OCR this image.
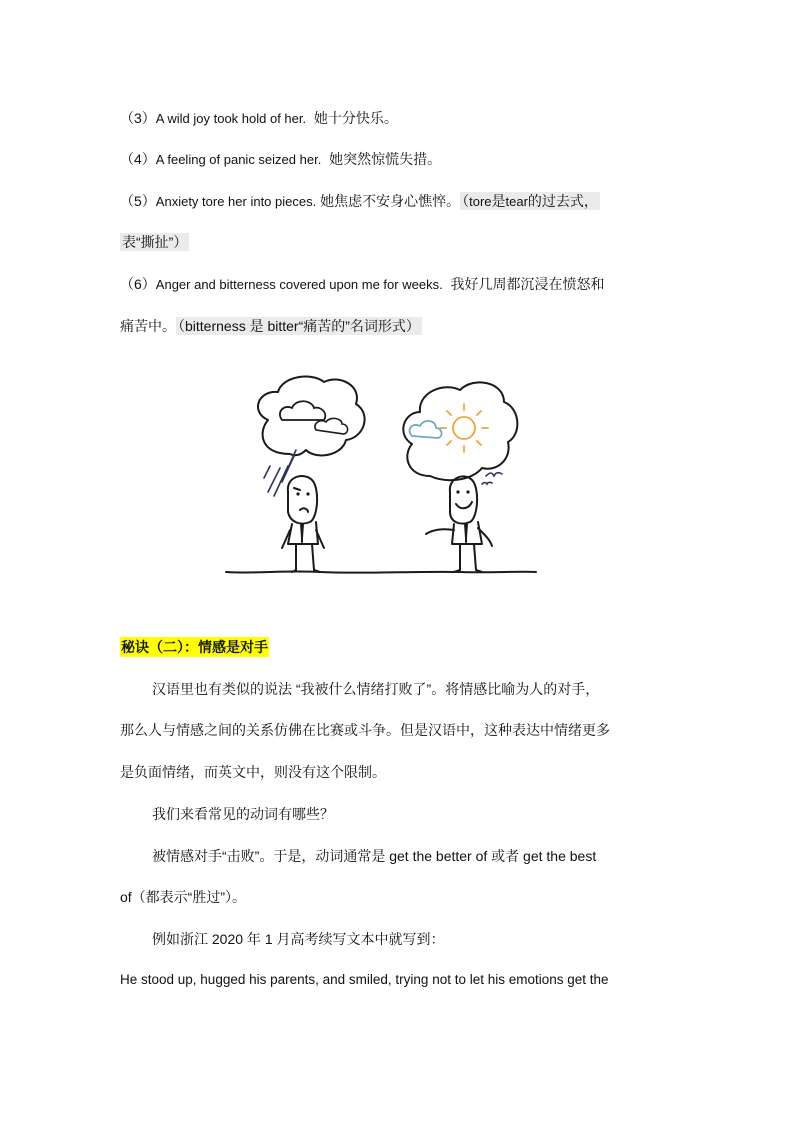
（3）A wild joy took hold of her. 她十分快乐。
（4）A feeling of panic seized her. 她突然惊慌失措。
（5）Anxiety tore her into pieces. 她焦虑不安身心憔悴。 （tore是tear的过去式，
表“撕扯”）
（6）Anger and bitterness covered upon me for weeks. 我好几周都沉浸在愤怒和
痛苦中。 （bitterness 是 bitter“痛苦的”名词形式）
秘诀（二）：情感是对手
汉语里也有类似的说法 “我被什么情绪打败了”。将情感比喻为人的对手，
那么人与情感之间的关系仿佛在比赛或斗争。但是汉语中，这种表达中情绪更多
是负面情绪，而英文中，则没有这个限制。
我们来看常见的动词有哪些？
被情感对手“击败”。于是，动词通常是 get the better of 或者 get the best
of（都表示“胜过”）。
例如浙江 2020 年 1 月高考续写文本中就写到：
He stood up, hugged his parents, and smiled, trying not to let his emotions get the
